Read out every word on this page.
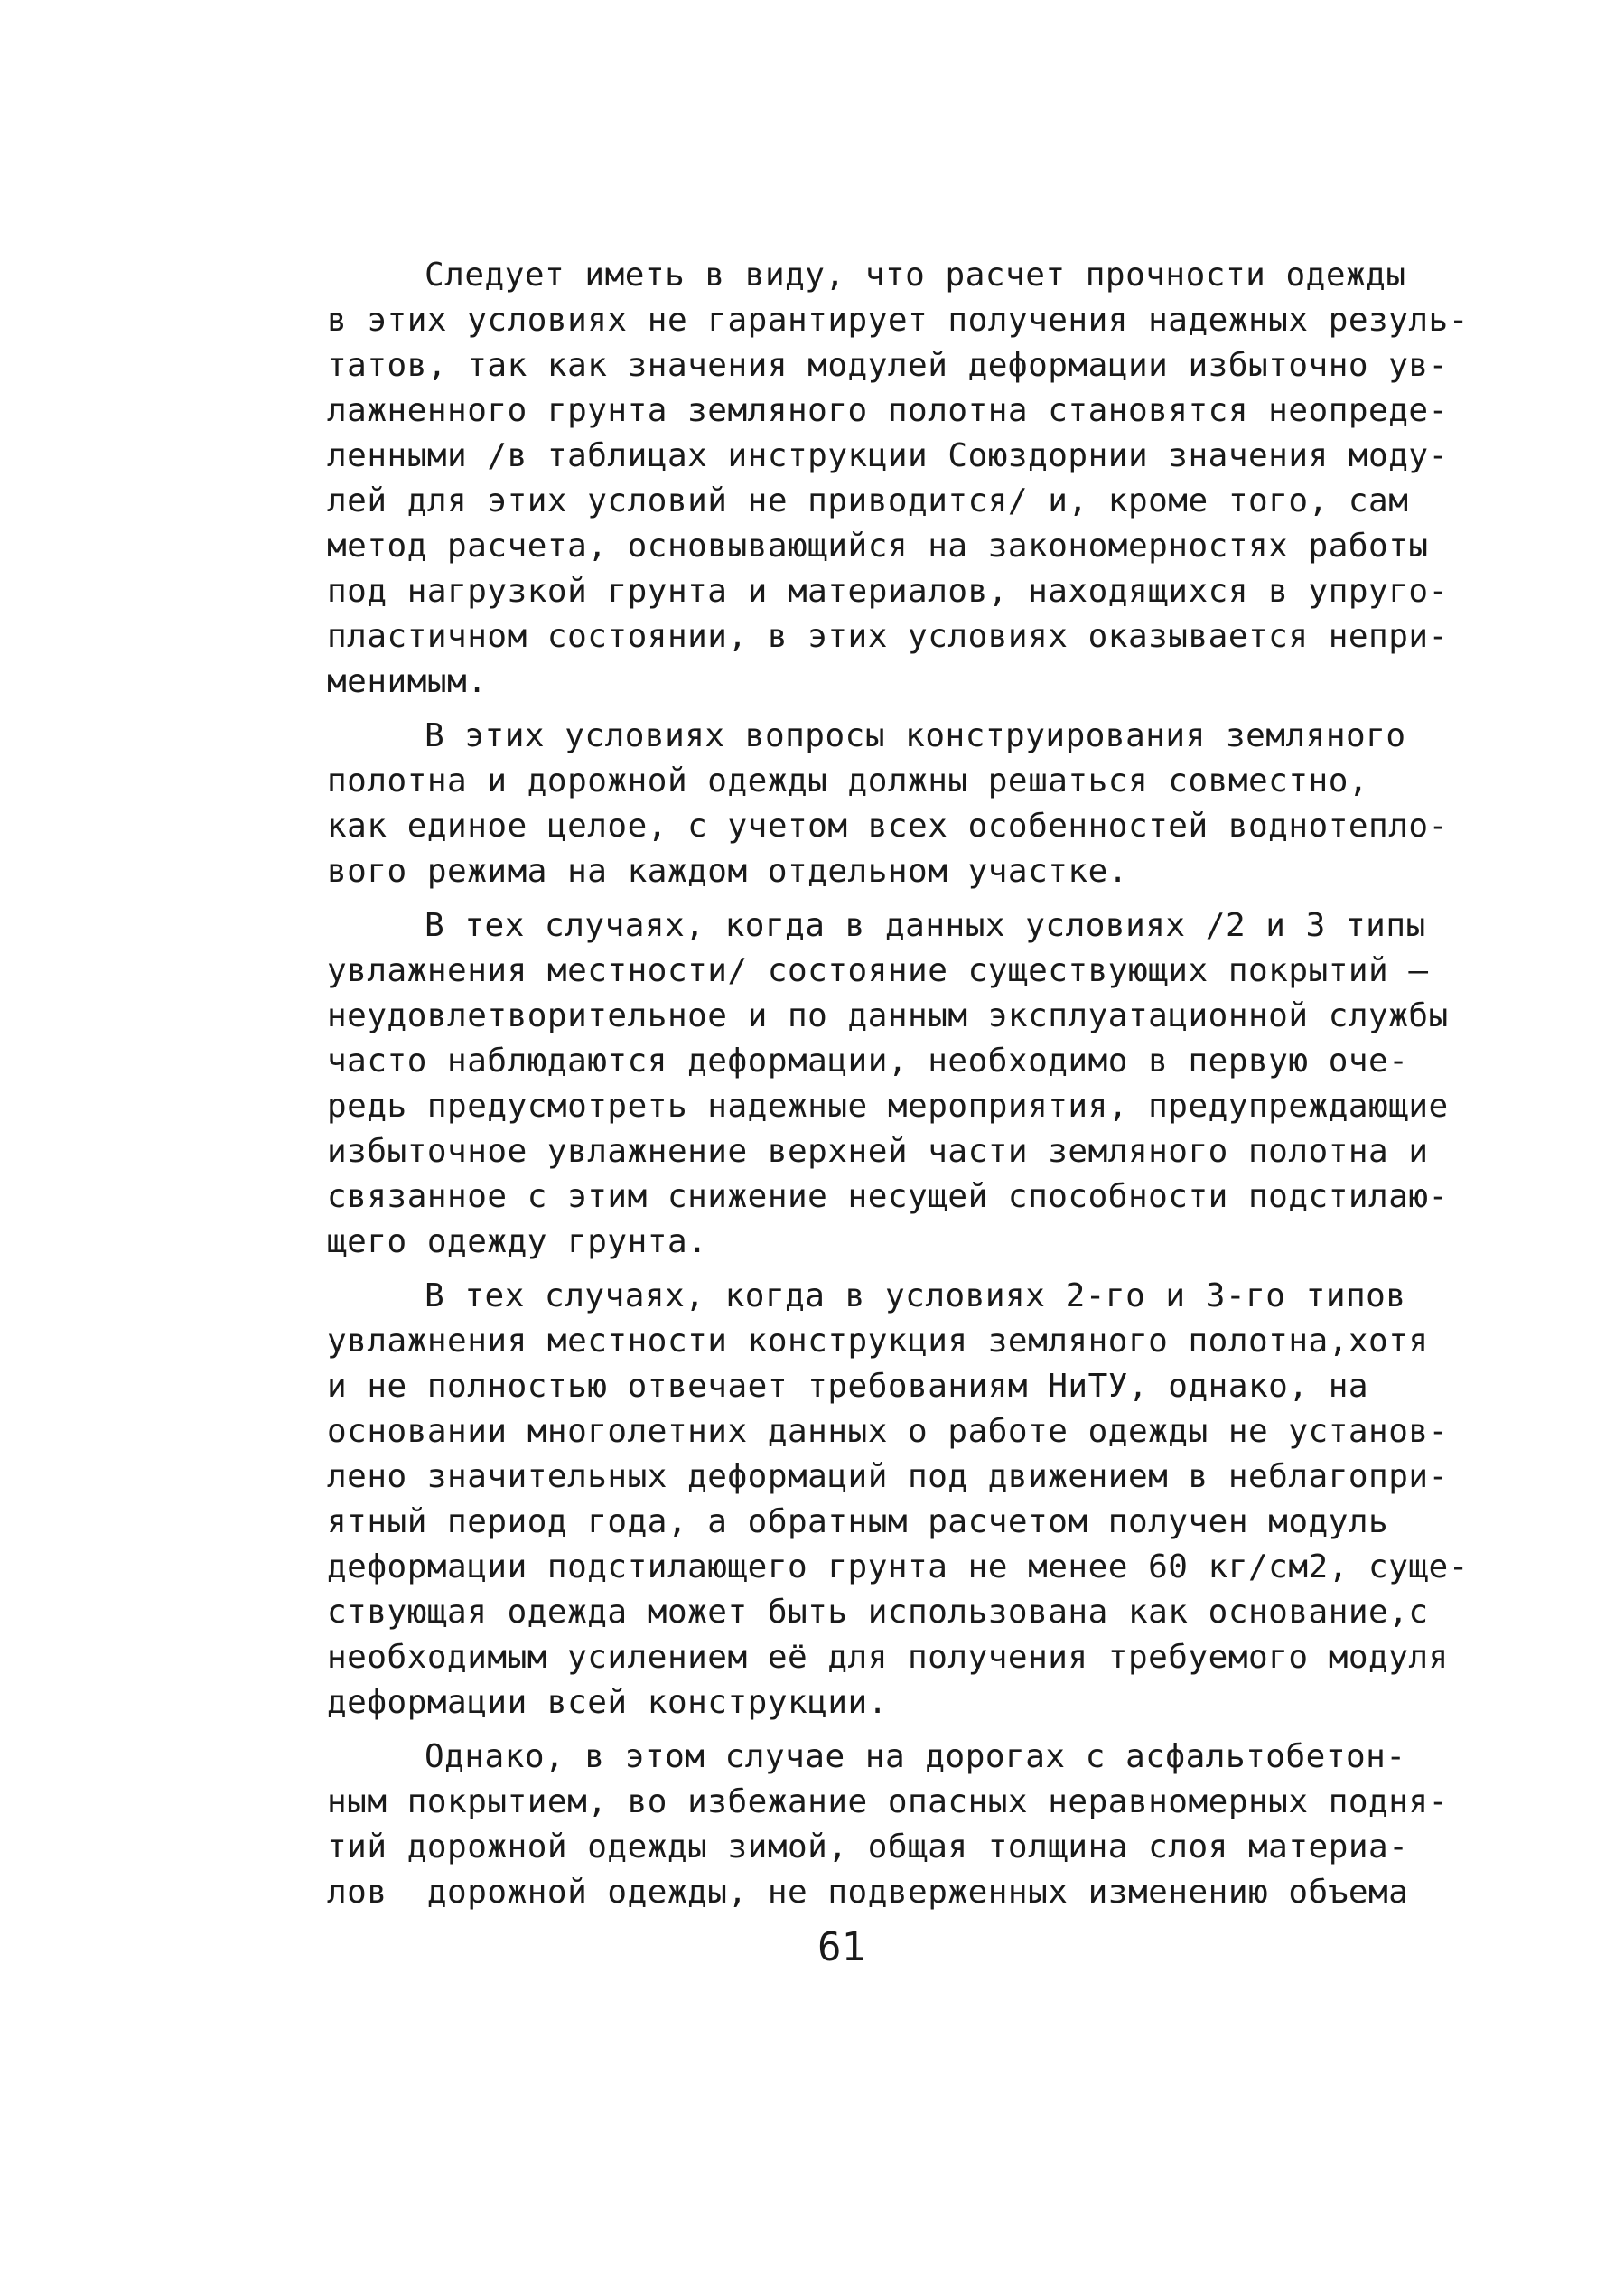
Следует иметь в виду, что расчет прочности одежды
в этих условиях не гарантирует получения надежных резуль-
татов, так как значения модулей деформации избыточно ув-
лажненного грунта земляного полотна становятся неопреде-
ленными /в таблицах инструкции Союздорнии значения моду-
лей для этих условий не приводится/ и, кроме того, сам
метод расчета, основывающийся на закономерностях работы
под нагрузкой грунта и материалов, находящихся в упруго-
пластичном состоянии, в этих условиях оказывается непри-
менимым.
В этих условиях вопросы конструирования земляного
полотна и дорожной одежды должны решаться совместно,
как единое целое, с учетом всех особенностей воднотепло-
вого режима на каждом отдельном участке.
В тех случаях, когда в данных условиях /2 и 3 типы
увлажнения местности/ состояние существующих покрытий –
неудовлетворительное и по данным эксплуатационной службы
часто наблюдаются деформации, необходимо в первую оче-
редь предусмотреть надежные мероприятия, предупреждающие
избыточное увлажнение верхней части земляного полотна и
связанное с этим снижение несущей способности подстилаю-
щего одежду грунта.
В тех случаях, когда в условиях 2-го и 3-го типов
увлажнения местности конструкция земляного полотна,хотя
и не полностью отвечает требованиям НиТУ, однако, на
основании многолетних данных о работе одежды не установ-
лено значительных деформаций под движением в неблагопри-
ятный период года, а обратным расчетом получен модуль
деформации подстилающего грунта не менее 60 кг/см2, суще-
ствующая одежда может быть использована как основание,с
необходимым усилением её для получения требуемого модуля
деформации всей конструкции.
Однако, в этом случае на дорогах с асфальтобетон-
ным покрытием, во избежание опасных неравномерных подня-
тий дорожной одежды зимой, общая толщина слоя материа-
лов  дорожной одежды, не подверженных изменению объема
61
